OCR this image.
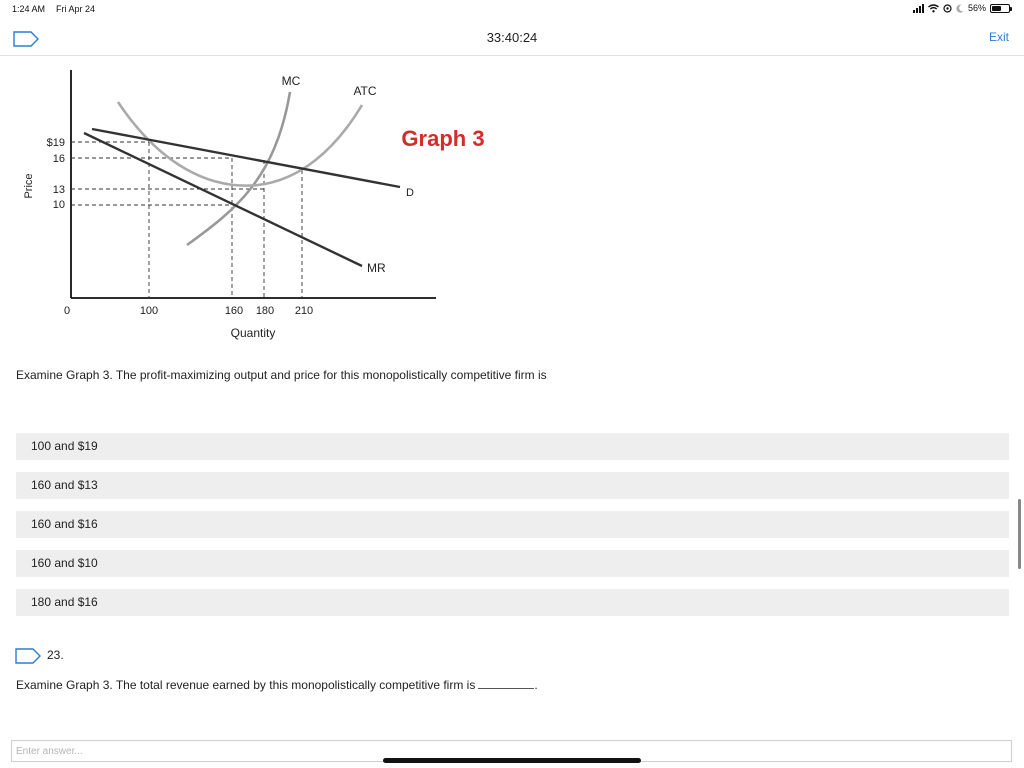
1:24 AM Fri Apr 24	56%
33:40:24	Exit
MC
ATC
D
MR
$19
16
13
10
Price
0	100	160 180 210
Quantity
Graph 3
Examine Graph 3. The profit-maximizing output and price for this monopolistically competitive firm is
100 and $19
160 and $13
160 and $16
160 and $10
180 and $16
23.
Examine Graph 3. The total revenue earned by this monopolistically competitive firm is	.
Enter answer...
